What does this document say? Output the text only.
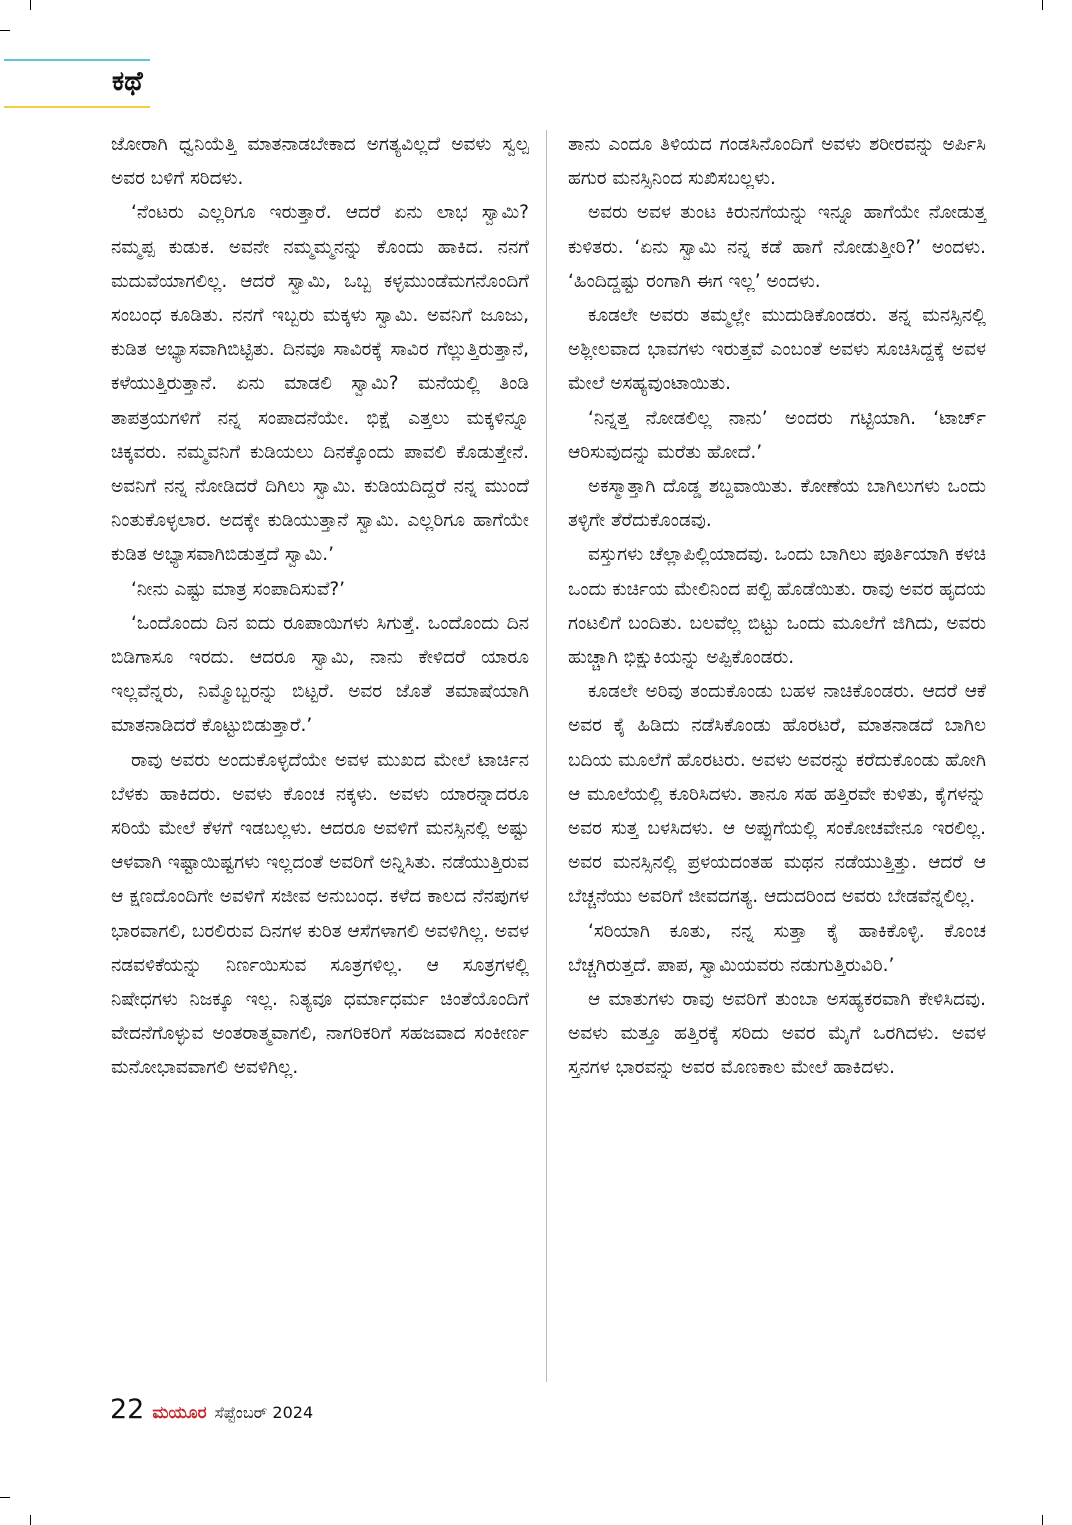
ಕಥೆ

ಜೋರಾಗಿ ಧ್ವನಿಯೆತ್ತಿ ಮಾತನಾಡಬೇಕಾದ ಅಗತ್ಯವಿಲ್ಲದೆ ಅವಳು ಸ್ವಲ್ಪ ಅವರ ಬಳಿಗೆ ಸರಿದಳು.

‘ನೆಂಟರು ಎಲ್ಲರಿಗೂ ಇರುತ್ತಾರೆ. ಆದರೆ ಏನು ಲಾಭ ಸ್ವಾಮಿ? ನಮ್ಮಪ್ಪ ಕುಡುಕ. ಅವನೇ ನಮ್ಮಮ್ಮನನ್ನು ಕೊಂದು ಹಾಕಿದ. ನನಗೆ ಮದುವೆಯಾಗಲಿಲ್ಲ. ಆದರೆ ಸ್ವಾಮಿ, ಒಬ್ಬ ಕಳ್ಳಮುಂಡೆಮಗನೊಂದಿಗೆ ಸಂಬಂಧ ಕೂಡಿತು. ನನಗೆ ಇಬ್ಬರು ಮಕ್ಕಳು ಸ್ವಾಮಿ. ಅವನಿಗೆ ಜೂಜು, ಕುಡಿತ ಅಭ್ಯಾಸವಾಗಿಬಿಟ್ಟಿತು. ದಿನವೂ ಸಾವಿರಕ್ಕೆ ಸಾವಿರ ಗೆಲ್ಲುತ್ತಿರುತ್ತಾನೆ, ಕಳೆಯುತ್ತಿರುತ್ತಾನೆ. ಏನು ಮಾಡಲಿ ಸ್ವಾಮಿ? ಮನೆಯಲ್ಲಿ ತಿಂಡಿ ತಾಪತ್ರಯಗಳಿಗೆ ನನ್ನ ಸಂಪಾದನೆಯೇ. ಭಿಕ್ಷೆ ಎತ್ತಲು ಮಕ್ಕಳಿನ್ನೂ ಚಿಕ್ಕವರು. ನಮ್ಮವನಿಗೆ ಕುಡಿಯಲು ದಿನಕ್ಕೊಂದು ಪಾವಲಿ ಕೊಡುತ್ತೇನೆ. ಅವನಿಗೆ ನನ್ನ ನೋಡಿದರೆ ದಿಗಿಲು ಸ್ವಾಮಿ. ಕುಡಿಯದಿದ್ದರೆ ನನ್ನ ಮುಂದೆ ನಿಂತುಕೊಳ್ಳಲಾರ. ಅದಕ್ಕೇ ಕುಡಿಯುತ್ತಾನೆ ಸ್ವಾಮಿ. ಎಲ್ಲರಿಗೂ ಹಾಗೆಯೇ ಕುಡಿತ ಅಭ್ಯಾಸವಾಗಿಬಿಡುತ್ತದೆ ಸ್ವಾಮಿ.’

‘ನೀನು ಎಷ್ಟು ಮಾತ್ರ ಸಂಪಾದಿಸುವೆ?’

‘ಒಂದೊಂದು ದಿನ ಐದು ರೂಪಾಯಿಗಳು ಸಿಗುತ್ತೆ. ಒಂದೊಂದು ದಿನ ಬಿಡಿಗಾಸೂ ಇರದು. ಆದರೂ ಸ್ವಾಮಿ, ನಾನು ಕೇಳಿದರೆ ಯಾರೂ ಇಲ್ಲವೆನ್ನರು, ನಿಮ್ಮೊಬ್ಬರನ್ನು ಬಿಟ್ಟರೆ. ಅವರ ಜೊತೆ ತಮಾಷೆಯಾಗಿ ಮಾತನಾಡಿದರೆ ಕೊಟ್ಟುಬಿಡುತ್ತಾರೆ.’

ರಾವು ಅವರು ಅಂದುಕೊಳ್ಳದೆಯೇ ಅವಳ ಮುಖದ ಮೇಲೆ ಟಾರ್ಚಿನ ಬೆಳಕು ಹಾಕಿದರು. ಅವಳು ಕೊಂಚ ನಕ್ಕಳು. ಅವಳು ಯಾರನ್ನಾದರೂ ಸರಿಯೆ ಮೇಲೆ ಕೆಳಗೆ ಇಡಬಲ್ಲಳು. ಆದರೂ ಅವಳಿಗೆ ಮನಸ್ಸಿನಲ್ಲಿ ಅಷ್ಟು ಆಳವಾಗಿ ಇಷ್ಟಾಯಿಷ್ಟಗಳು ಇಲ್ಲದಂತೆ ಅವರಿಗೆ ಅನ್ನಿಸಿತು. ನಡೆಯುತ್ತಿರುವ ಆ ಕ್ಷಣದೊಂದಿಗೇ ಅವಳಿಗೆ ಸಜೀವ ಅನುಬಂಧ. ಕಳೆದ ಕಾಲದ ನೆನಪುಗಳ ಭಾರವಾಗಲಿ, ಬರಲಿರುವ ದಿನಗಳ ಕುರಿತ ಆಸೆಗಳಾಗಲಿ ಅವಳಿಗಿಲ್ಲ. ಅವಳ ನಡವಳಿಕೆಯನ್ನು ನಿರ್ಣಯಿಸುವ ಸೂತ್ರಗಳಿಲ್ಲ. ಆ ಸೂತ್ರಗಳಲ್ಲಿ ನಿಷೇಧಗಳು ನಿಜಕ್ಕೂ ಇಲ್ಲ. ನಿತ್ಯವೂ ಧರ್ಮಾಧರ್ಮ ಚಿಂತೆಯೊಂದಿಗೆ ವೇದನೆಗೊಳ್ಳುವ ಅಂತರಾತ್ಮವಾಗಲಿ, ನಾಗರಿಕರಿಗೆ ಸಹಜವಾದ ಸಂಕೀರ್ಣ ಮನೋಭಾವವಾಗಲಿ ಅವಳಿಗಿಲ್ಲ.

ತಾನು ಎಂದೂ ತಿಳಿಯದ ಗಂಡಸಿನೊಂದಿಗೆ ಅವಳು ಶರೀರವನ್ನು ಅರ್ಪಿಸಿ ಹಗುರ ಮನಸ್ಸಿನಿಂದ ಸುಖಿಸಬಲ್ಲಳು.

ಅವರು ಅವಳ ತುಂಟ ಕಿರುನಗೆಯನ್ನು ಇನ್ನೂ ಹಾಗೆಯೇ ನೋಡುತ್ತ ಕುಳಿತರು. ‘ಏನು ಸ್ವಾಮಿ ನನ್ನ ಕಡೆ ಹಾಗೆ ನೋಡುತ್ತೀರಿ?’ ಅಂದಳು. ‘ಹಿಂದಿದ್ದಷ್ಟು ರಂಗಾಗಿ ಈಗ ಇಲ್ಲ’ ಅಂದಳು.

ಕೂಡಲೇ ಅವರು ತಮ್ಮಲ್ಲೇ ಮುದುಡಿಕೊಂಡರು. ತನ್ನ ಮನಸ್ಸಿನಲ್ಲಿ ಅಶ್ಲೀಲವಾದ ಭಾವಗಳು ಇರುತ್ತವೆ ಎಂಬಂತೆ ಅವಳು ಸೂಚಿಸಿದ್ದಕ್ಕೆ ಅವಳ ಮೇಲೆ ಅಸಹ್ಯವುಂಟಾಯಿತು.

‘ನಿನ್ನತ್ತ ನೋಡಲಿಲ್ಲ ನಾನು’ ಅಂದರು ಗಟ್ಟಿಯಾಗಿ. ‘ಟಾರ್ಚ್ ಆರಿಸುವುದನ್ನು ಮರೆತು ಹೋದೆ.’

ಅಕಸ್ಮಾತ್ತಾಗಿ ದೊಡ್ಡ ಶಬ್ದವಾಯಿತು. ಕೋಣೆಯ ಬಾಗಿಲುಗಳು ಒಂದು ತಳ್ಳಿಗೇ ತೆರೆದುಕೊಂಡವು.

ವಸ್ತುಗಳು ಚೆಲ್ಲಾಪಿಲ್ಲಿಯಾದವು. ಒಂದು ಬಾಗಿಲು ಪೂರ್ತಿಯಾಗಿ ಕಳಚಿ ಒಂದು ಕುರ್ಚಿಯ ಮೇಲಿನಿಂದ ಪಲ್ಟಿ ಹೊಡೆಯಿತು. ರಾವು ಅವರ ಹೃದಯ ಗಂಟಲಿಗೆ ಬಂದಿತು. ಬಲವೆಲ್ಲ ಬಿಟ್ಟು ಒಂದು ಮೂಲೆಗೆ ಜಿಗಿದು, ಅವರು ಹುಚ್ಚಾಗಿ ಭಿಕ್ಷುಕಿಯನ್ನು ಅಪ್ಪಿಕೊಂಡರು.

ಕೂಡಲೇ ಅರಿವು ತಂದುಕೊಂಡು ಬಹಳ ನಾಚಿಕೊಂಡರು. ಆದರೆ ಆಕೆ ಅವರ ಕೈ ಹಿಡಿದು ನಡೆಸಿಕೊಂಡು ಹೊರಟರೆ, ಮಾತನಾಡದೆ ಬಾಗಿಲ ಬದಿಯ ಮೂಲೆಗೆ ಹೊರಟರು. ಅವಳು ಅವರನ್ನು ಕರೆದುಕೊಂಡು ಹೋಗಿ ಆ ಮೂಲೆಯಲ್ಲಿ ಕೂರಿಸಿದಳು. ತಾನೂ ಸಹ ಹತ್ತಿರವೇ ಕುಳಿತು, ಕೈಗಳನ್ನು ಅವರ ಸುತ್ತ ಬಳಸಿದಳು. ಆ ಅಪ್ಪುಗೆಯಲ್ಲಿ ಸಂಕೋಚವೇನೂ ಇರಲಿಲ್ಲ. ಅವರ ಮನಸ್ಸಿನಲ್ಲಿ ಪ್ರಳಯದಂತಹ ಮಥನ ನಡೆಯುತ್ತಿತ್ತು. ಆದರೆ ಆ ಬೆಚ್ಚನೆಯು ಅವರಿಗೆ ಜೀವದಗತ್ಯ. ಆದುದರಿಂದ ಅವರು ಬೇಡವೆನ್ನಲಿಲ್ಲ.

‘ಸರಿಯಾಗಿ ಕೂತು, ನನ್ನ ಸುತ್ತಾ ಕೈ ಹಾಕಿಕೊಳ್ಳಿ. ಕೊಂಚ ಬೆಚ್ಚಗಿರುತ್ತದೆ. ಪಾಪ, ಸ್ವಾಮಿಯವರು ನಡುಗುತ್ತಿರುವಿರಿ.’

ಆ ಮಾತುಗಳು ರಾವು ಅವರಿಗೆ ತುಂಬಾ ಅಸಹ್ಯಕರವಾಗಿ ಕೇಳಿಸಿದವು. ಅವಳು ಮತ್ತೂ ಹತ್ತಿರಕ್ಕೆ ಸರಿದು ಅವರ ಮೈಗೆ ಒರಗಿದಳು. ಅವಳ ಸ್ತನಗಳ ಭಾರವನ್ನು ಅವರ ಮೊಣಕಾಲ ಮೇಲೆ ಹಾಕಿದಳು.

22 ಮಯೂರ ಸೆಪ್ಟೆಂಬರ್ 2024
